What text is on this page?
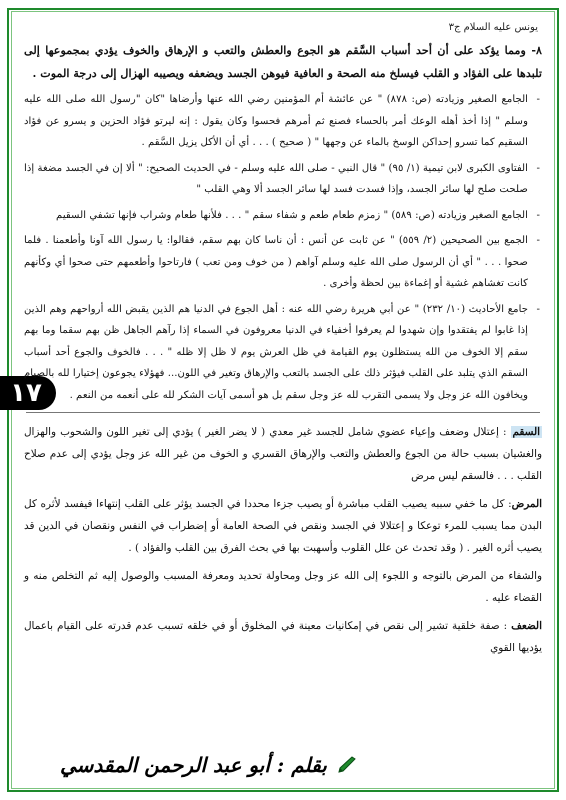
١٧
يونس عليه السلام ج٣

٨- ومما يؤكد على أن أحد أسباب السَّقم هو الجوع والعطش والتعب و الإرهاق والخوف يؤدي بمجموعها إلى تلبدها على الفؤاد و القلب فيسلخ منه الصحة و العافية فيوهن الجسد ويضعفه ويصيبه الهزال إلى درجة الموت .

- الجامع الصغير وزيادته (ص: ٨٧٨) " عن عائشة أم المؤمنين رضي الله عنها وأرضاها "كان "رسول الله صلى الله عليه وسلم " إذا أخذ أهله الوعك أمر بالحساء فصنع ثم أمرهم فحسوا وكان يقول : إنه ليرتو فؤاد الحزين و يسرو عن فؤاد السقيم كما تسرو إحداكن الوسخ بالماء عن وجهها " ( صحيح ) . . . أي أن الأكل يزيل السَّقم .
- الفتاوى الكبرى لابن تيمية (١/ ٩٥) " قال النبي - صلى الله عليه وسلم - في الحديث الصحيح: " ألا إن في الجسد مضغة إذا صلحت صلح لها سائر الجسد، وإذا فسدت فسد لها سائر الجسد ألا وهي القلب "
- الجامع الصغير وزيادته (ص: ٥٨٩) " زمزم طعام طعم و شفاء سقم " . . . فلأنها طعام وشراب فإنها تشفي السقيم
- الجمع بين الصحيحين (٢/ ٥٥٩) " عن ثابت عن أنس : أن ناسا كان بهم سقم، فقالوا: يا رسول الله آونا وأطعمنا . فلما صحوا . . . " أي أن الرسول صلى الله عليه وسلم آواهم ( من خوف ومن تعب ) فارتاحوا وأطعمهم حتى صحوا أي وكأنهم كانت تغشاهم غشية أو إغماءة بين لحظة وأخرى .
- جامع الأحاديث (١٠/ ٢٣٢) " عن أبي هريرة رضي الله عنه : أهل الجوع في الدنيا هم الذين يقبض الله أرواحهم وهم الذين إذا غابوا لم يفتقدوا وإن شهدوا لم يعرفوا أخفياء في الدنيا معروفون في السماء إذا رآهم الجاهل ظن بهم سقما وما بهم سقم إلا الخوف من الله يستظلون يوم القيامة في ظل العرش يوم لا ظل إلا ظله " . . . فالخوف والجوع أحد أسباب السقم الذي يتلبد على القلب فيؤثر ذلك على الجسد بالتعب والإرهاق وتغير في اللون... فهؤلاء يجوعون إختيارا لله بالصيام ويخافون الله عز وجل ولا يسمى التقرب لله عز وجل سقم بل هو أسمى آيات الشكر لله على أنعمه من النعم .

السقم : إعتلال وضعف وإعياء عضوي شامل للجسد غير معدي ( لا يضر الغير ) يؤدي إلى تغير اللون والشحوب والهزال والغشيان بسبب حالة من الجوع والعطش والتعب والإرهاق القسري و الخوف من غير الله عز وجل يؤدي إلى عدم صلاح القلب . . . فالسقم ليس مرض

المرض: كل ما خفي سببه يصيب القلب مباشرة أو يصيب جزءا محددا في الجسد يؤثر على القلب إنتهاءا فيفسد لأثره كل البدن مما يسبب للمرء توعكا و إعتلالا في الجسد ونقص في الصحة العامة أو إضطراب في النفس ونقصان في الدين قد يصيب أثره الغير . ( وقد تحدث عن علل القلوب وأسهبت بها في بحث الفرق بين القلب والفؤاد ) .

والشفاء من المرض بالتوجه و اللجوء إلى الله عز وجل ومحاولة تحديد ومعرفة المسبب والوصول إليه ثم التخلص منه و القضاء عليه .

الضعف : صفة خلقية تشير إلى نقص في إمكانيات معينة في المخلوق أو في خلقه تسبب عدم قدرته على القيام باعمال يؤديها القوي

بقلم : أبو عبد الرحمن المقدسي
